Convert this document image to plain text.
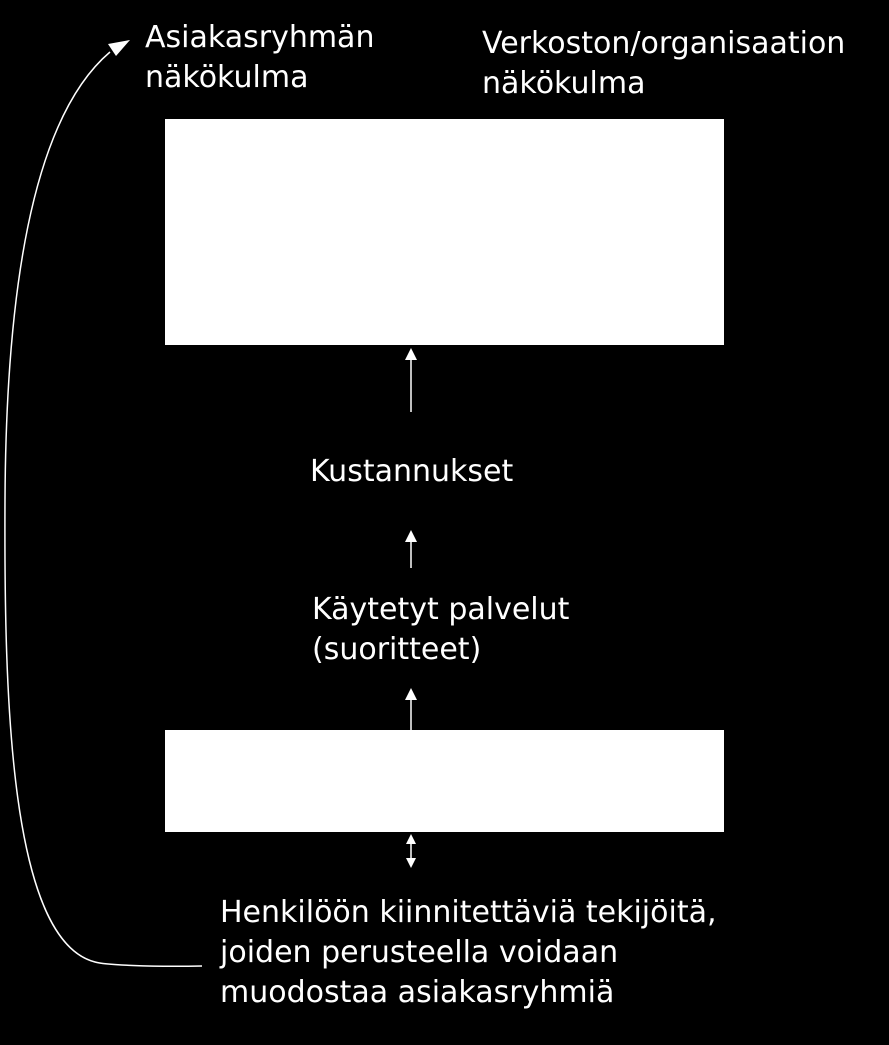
Asiakasryhmän
näkökulma
Verkoston/organisaation
näkökulma
Kustannukset
Käytetyt palvelut
(suoritteet)
Henkilöön kiinnitettäviä tekijöitä,
joiden perusteella voidaan
muodostaa asiakasryhmiä
